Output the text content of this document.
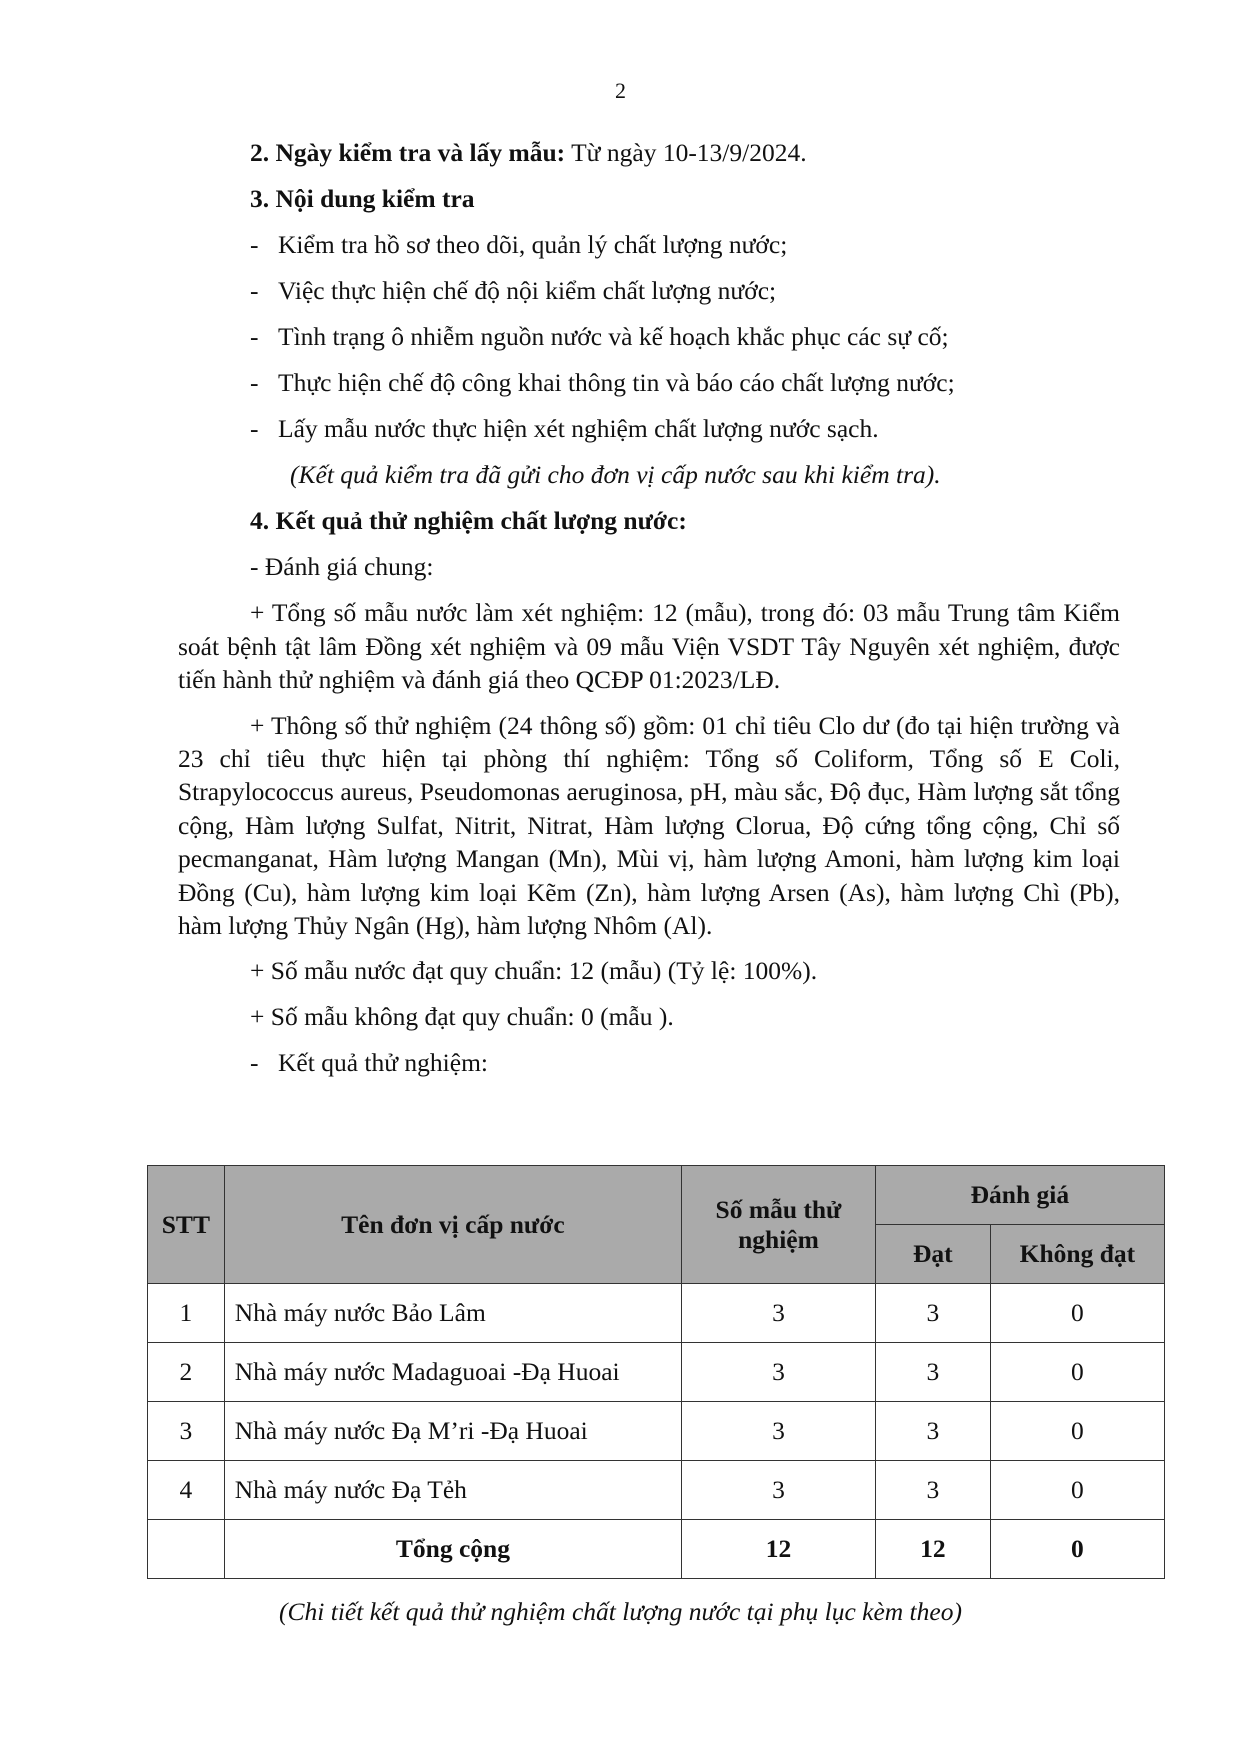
2
2. Ngày kiểm tra và lấy mẫu: Từ ngày 10-13/9/2024.
3. Nội dung kiểm tra
- Kiểm tra hồ sơ theo dõi, quản lý chất lượng nước;
- Việc thực hiện chế độ nội kiểm chất lượng nước;
- Tình trạng ô nhiễm nguồn nước và kế hoạch khắc phục các sự cố;
- Thực hiện chế độ công khai thông tin và báo cáo chất lượng nước;
- Lấy mẫu nước thực hiện xét nghiệm chất lượng nước sạch.
(Kết quả kiểm tra đã gửi cho đơn vị cấp nước sau khi kiểm tra).
4. Kết quả thử nghiệm chất lượng nước:
- Đánh giá chung:
+ Tổng số mẫu nước làm xét nghiệm: 12 (mẫu), trong đó: 03 mẫu Trung tâm Kiểm soát bệnh tật lâm Đồng xét nghiệm và 09 mẫu Viện VSDT Tây Nguyên xét nghiệm, được tiến hành thử nghiệm và đánh giá theo QCĐP 01:2023/LĐ.
+ Thông số thử nghiệm (24 thông số) gồm: 01 chỉ tiêu Clo dư (đo tại hiện trường và 23 chỉ tiêu thực hiện tại phòng thí nghiệm: Tổng số Coliform, Tổng số E Coli, Strapylococcus aureus, Pseudomonas aeruginosa, pH, màu sắc, Độ đục, Hàm lượng sắt tổng cộng, Hàm lượng Sulfat, Nitrit, Nitrat, Hàm lượng Clorua, Độ cứng tổng cộng, Chỉ số pecmanganat, Hàm lượng Mangan (Mn), Mùi vị, hàm lượng Amoni, hàm lượng kim loại Đồng (Cu), hàm lượng kim loại Kẽm (Zn), hàm lượng Arsen (As), hàm lượng Chì (Pb), hàm lượng Thủy Ngân (Hg), hàm lượng Nhôm (Al).
+ Số mẫu nước đạt quy chuẩn: 12 (mẫu) (Tỷ lệ: 100%).
+ Số mẫu không đạt quy chuẩn: 0 (mẫu ).
- Kết quả thử nghiệm:
STT	Tên đơn vị cấp nước	Số mẫu thử nghiệm	Đánh giá	
			Đạt	Không đạt
1	Nhà máy nước Bảo Lâm	3	3	0
2	Nhà máy nước Madaguoai -Đạ Huoai	3	3	0
3	Nhà máy nước Đạ M’ri -Đạ Huoai	3	3	0
4	Nhà máy nước Đạ Tẻh	3	3	0
	Tổng cộng	12	12	0
(Chi tiết kết quả thử nghiệm chất lượng nước tại phụ lục kèm theo)
